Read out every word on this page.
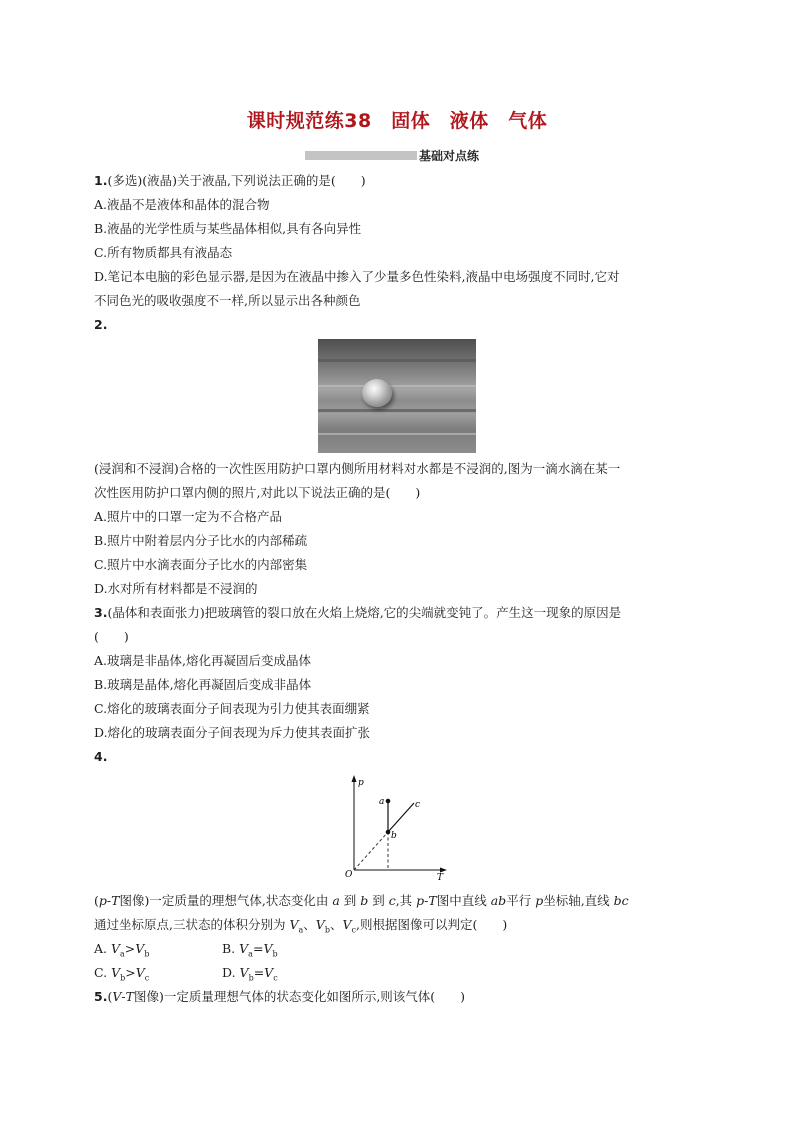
课时规范练38　固体　液体　气体
基础对点练
1.(多选)(液晶)关于液晶,下列说法正确的是(　　)
A.液晶不是液体和晶体的混合物
B.液晶的光学性质与某些晶体相似,具有各向异性
C.所有物质都具有液晶态
D.笔记本电脑的彩色显示器,是因为在液晶中掺入了少量多色性染料,液晶中电场强度不同时,它对
不同色光的吸收强度不一样,所以显示出各种颜色
2.
(浸润和不浸润)合格的一次性医用防护口罩内侧所用材料对水都是不浸润的,图为一滴水滴在某一
次性医用防护口罩内侧的照片,对此以下说法正确的是(　　)
A.照片中的口罩一定为不合格产品
B.照片中附着层内分子比水的内部稀疏
C.照片中水滴表面分子比水的内部密集
D.水对所有材料都是不浸润的
3.(晶体和表面张力)把玻璃管的裂口放在火焰上烧熔,它的尖端就变钝了。产生这一现象的原因是
(　　)
A.玻璃是非晶体,熔化再凝固后变成晶体
B.玻璃是晶体,熔化再凝固后变成非晶体
C.熔化的玻璃表面分子间表现为引力使其表面绷紧
D.熔化的玻璃表面分子间表现为斥力使其表面扩张
4.
p
T
O
a
b
c
(p-T图像)一定质量的理想气体,状态变化由 a 到 b 到 c,其 p-T图中直线 ab平行 p坐标轴,直线 bc
通过坐标原点,三状态的体积分别为 $V_a$、$V_b$、$V_c$,则根据图像可以判定(　　)
A. $V_a>V_b$	B. $V_a=V_b$
C. $V_b>V_c$	D. $V_b=V_c$
5.(V-T图像)一定质量理想气体的状态变化如图所示,则该气体(　　)
